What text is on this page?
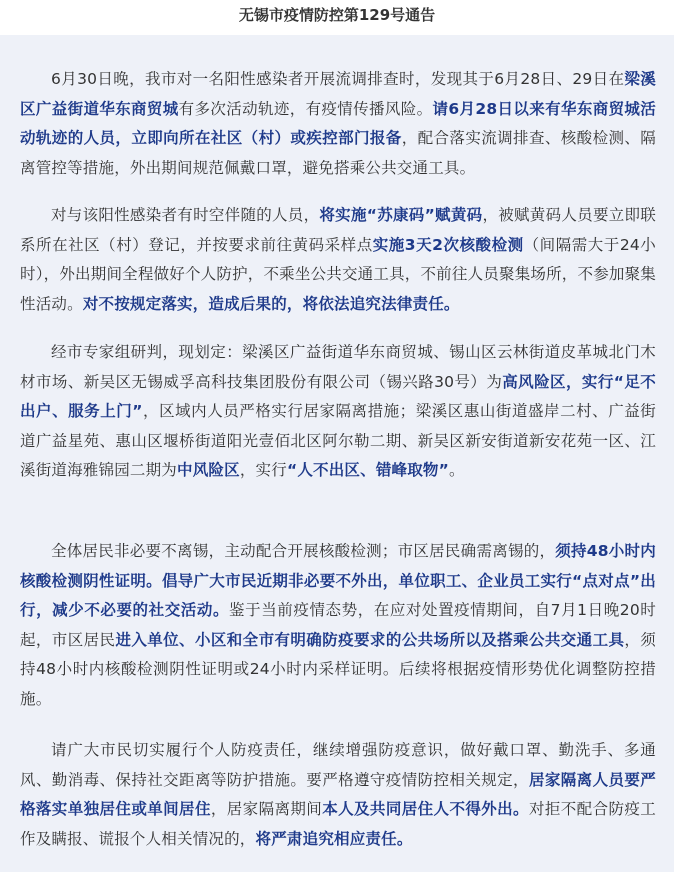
无锡市疫情防控第129号通告

6月30日晚，我市对一名阳性感染者开展流调排查时，发现其于6月28日、29日在梁溪区广益街道华东商贸城有多次活动轨迹，有疫情传播风险。请6月28日以来有华东商贸城活动轨迹的人员，立即向所在社区（村）或疾控部门报备，配合落实流调排查、核酸检测、隔离管控等措施，外出期间规范佩戴口罩，避免搭乘公共交通工具。

对与该阳性感染者有时空伴随的人员，将实施“苏康码”赋黄码，被赋黄码人员要立即联系所在社区（村）登记，并按要求前往黄码采样点实施3天2次核酸检测（间隔需大于24小时），外出期间全程做好个人防护，不乘坐公共交通工具，不前往人员聚集场所，不参加聚集性活动。对不按规定落实，造成后果的，将依法追究法律责任。

经市专家组研判，现划定：梁溪区广益街道华东商贸城、锡山区云林街道皮革城北门木材市场、新吴区无锡威孚高科技集团股份有限公司（锡兴路30号）为高风险区，实行“足不出户、服务上门”，区域内人员严格实行居家隔离措施；梁溪区惠山街道盛岸二村、广益街道广益星苑、惠山区堰桥街道阳光壹佰北区阿尔勒二期、新吴区新安街道新安花苑一区、江溪街道海雅锦园二期为中风险区，实行“人不出区、错峰取物”。

全体居民非必要不离锡，主动配合开展核酸检测；市区居民确需离锡的，须持48小时内核酸检测阴性证明。倡导广大市民近期非必要不外出，单位职工、企业员工实行“点对点”出行，减少不必要的社交活动。鉴于当前疫情态势，在应对处置疫情期间，自7月1日晚20时起，市区居民进入单位、小区和全市有明确防疫要求的公共场所以及搭乘公共交通工具，须持48小时内核酸检测阴性证明或24小时内采样证明。后续将根据疫情形势优化调整防控措施。

请广大市民切实履行个人防疫责任，继续增强防疫意识，做好戴口罩、勤洗手、多通风、勤消毒、保持社交距离等防护措施。要严格遵守疫情防控相关规定，居家隔离人员要严格落实单独居住或单间居住，居家隔离期间本人及共同居住人不得外出。对拒不配合防疫工作及瞒报、谎报个人相关情况的，将严肃追究相应责任。
